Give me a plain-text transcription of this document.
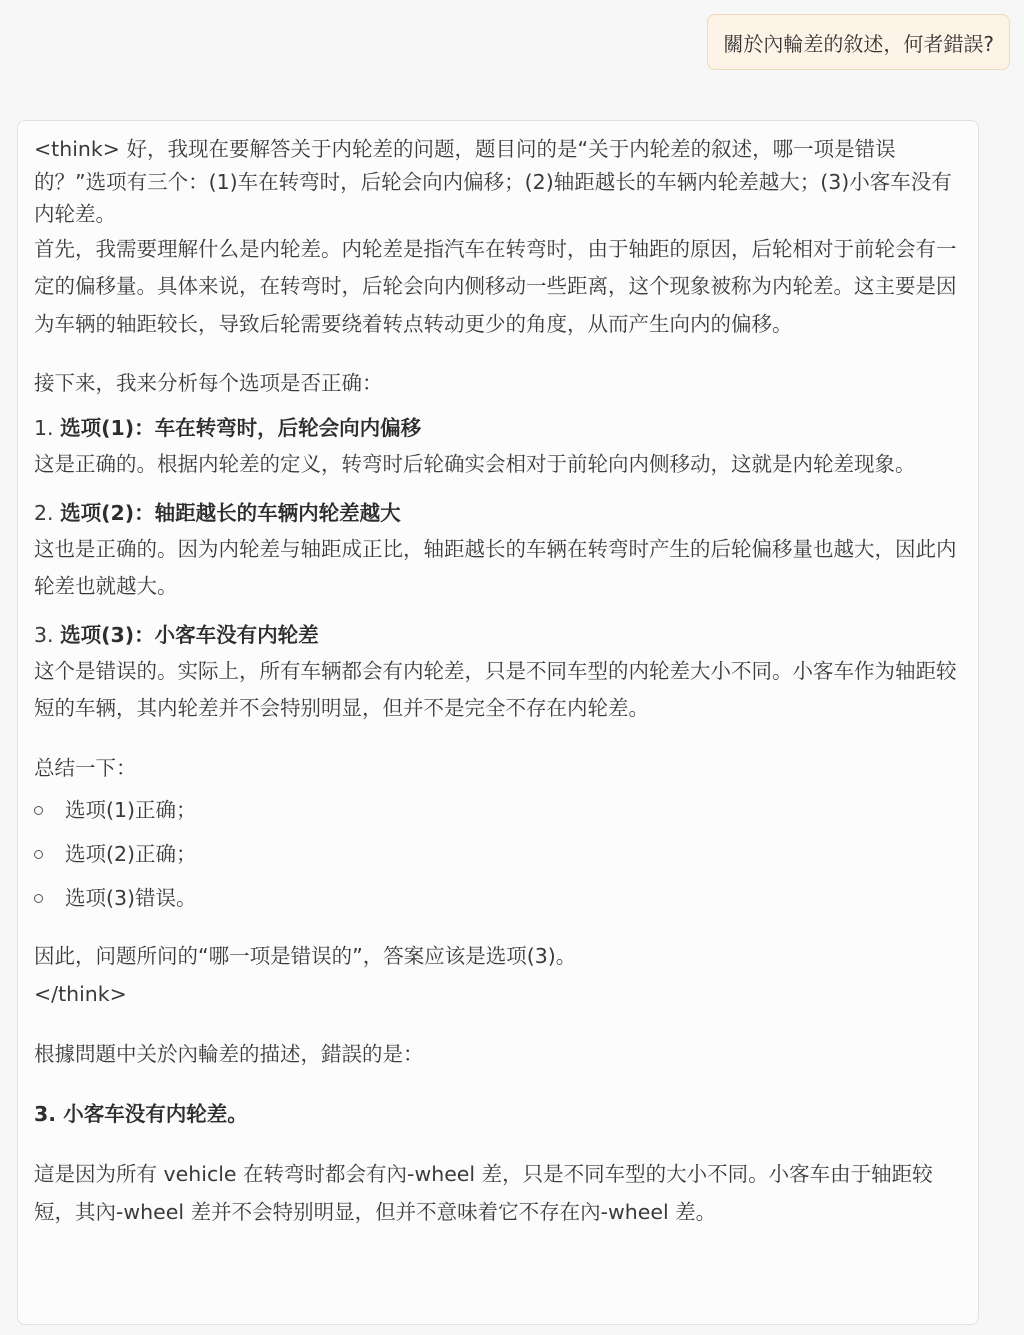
關於內輪差的敘述，何者錯誤?

<think> 好，我现在要解答关于内轮差的问题，题目问的是“关于内轮差的叙述，哪一项是错误的？”选项有三个：(1)车在转弯时，后轮会向内偏移；(2)轴距越长的车辆内轮差越大；(3)小客车没有内轮差。

首先，我需要理解什么是内轮差。内轮差是指汽车在转弯时，由于轴距的原因，后轮相对于前轮会有一定的偏移量。具体来说，在转弯时，后轮会向内侧移动一些距离，这个现象被称为内轮差。这主要是因为车辆的轴距较长，导致后轮需要绕着转点转动更少的角度，从而产生向内的偏移。

接下来，我来分析每个选项是否正确：

1. 选项(1)：车在转弯时，后轮会向内偏移

这是正确的。根据内轮差的定义，转弯时后轮确实会相对于前轮向内侧移动，这就是内轮差现象。

2. 选项(2)：轴距越长的车辆内轮差越大

这也是正确的。因为内轮差与轴距成正比，轴距越长的车辆在转弯时产生的后轮偏移量也越大，因此内轮差也就越大。

3. 选项(3)：小客车没有内轮差

这个是错误的。实际上，所有车辆都会有内轮差，只是不同车型的内轮差大小不同。小客车作为轴距较短的车辆，其内轮差并不会特别明显，但并不是完全不存在内轮差。

总结一下：

选项(1)正确；
选项(2)正确；
选项(3)错误。

因此，问题所问的“哪一项是错误的”，答案应该是选项(3)。

</think>

根據問題中关於內輪差的描述，錯誤的是：

3. 小客车没有内轮差。

這是因为所有 vehicle 在转弯时都会有內-wheel 差，只是不同车型的大小不同。小客车由于轴距较短，其內-wheel 差并不会特别明显，但并不意味着它不存在內-wheel 差。
